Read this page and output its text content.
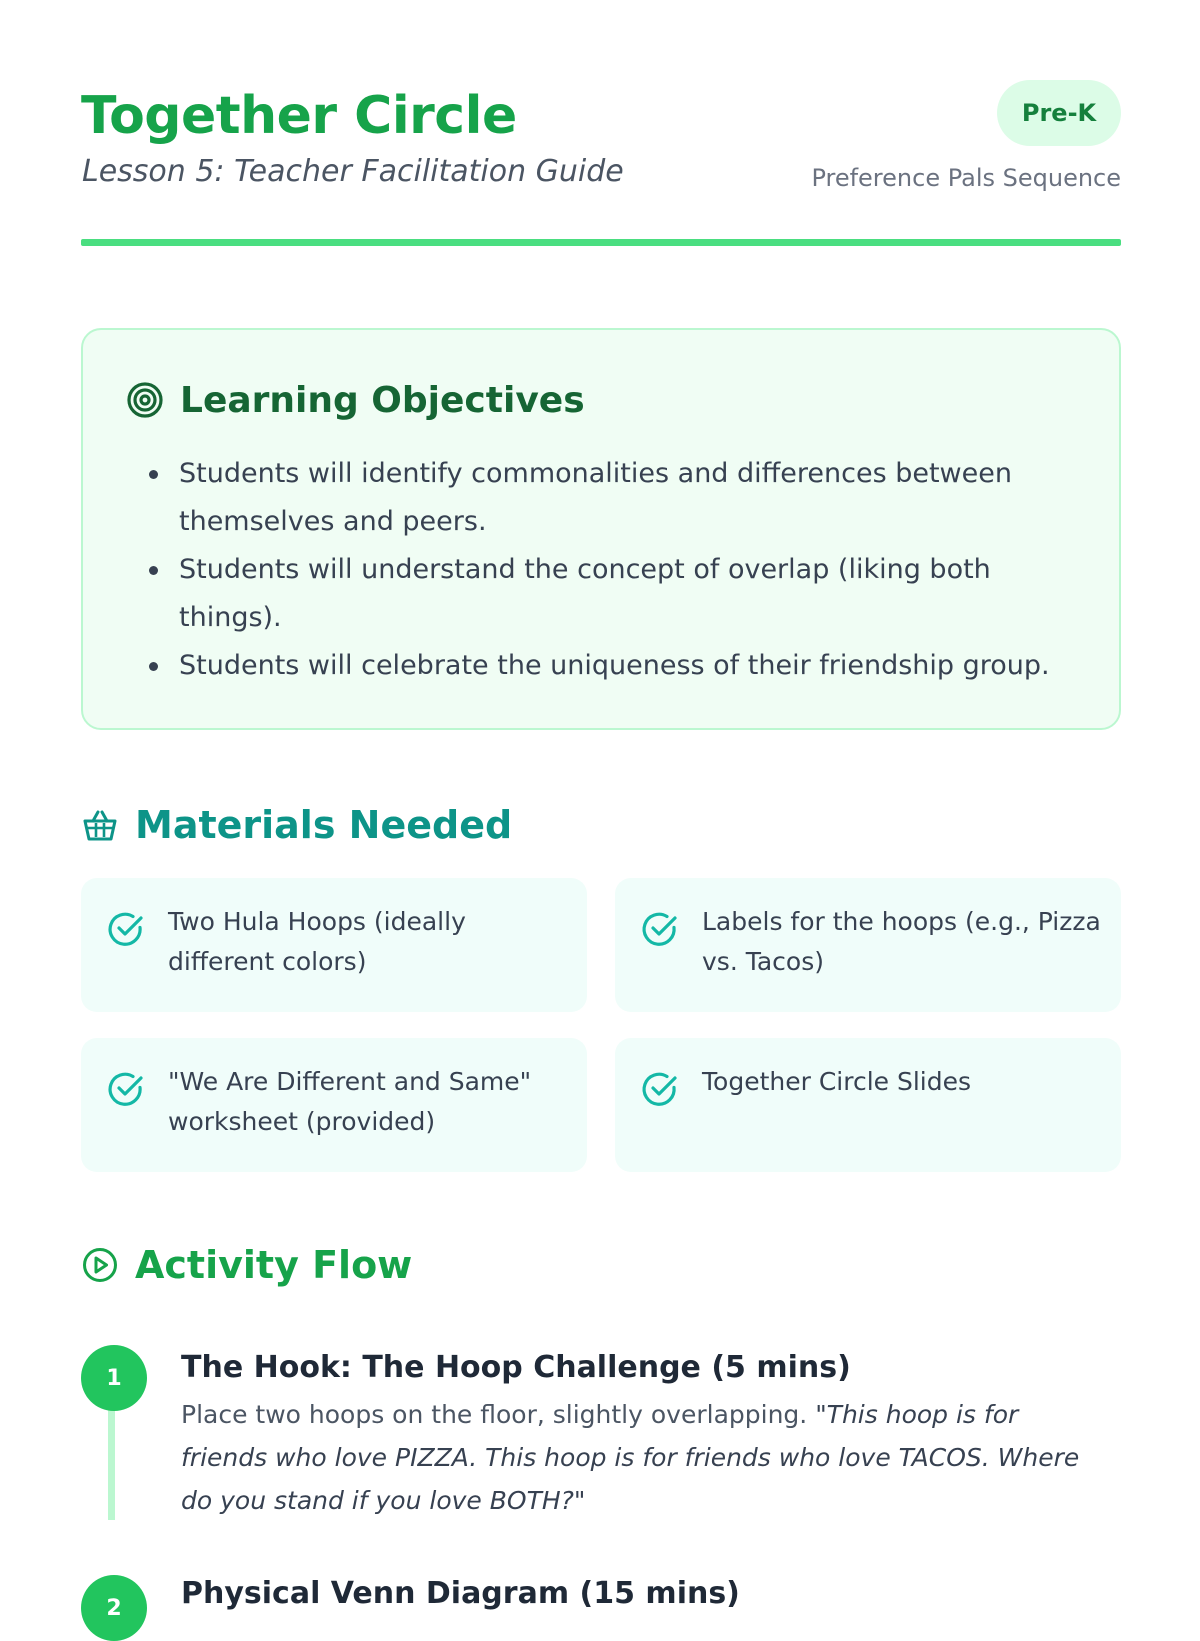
Together Circle
Lesson 5: Teacher Facilitation Guide
Pre-K
Preference Pals Sequence
Learning Objectives
Students will identify commonalities and differences between themselves and peers.
Students will understand the concept of overlap (liking both things).
Students will celebrate the uniqueness of their friendship group.
Materials Needed
Two Hula Hoops (ideally different colors)
Labels for the hoops (e.g., Pizza vs. Tacos)
"We Are Different and Same" worksheet (provided)
Together Circle Slides
Activity Flow
1	The Hook: The Hoop Challenge (5 mins)
Place two hoops on the floor, slightly overlapping. "This hoop is for friends who love PIZZA. This hoop is for friends who love TACOS. Where do you stand if you love BOTH?"
2	Physical Venn Diagram (15 mins)
